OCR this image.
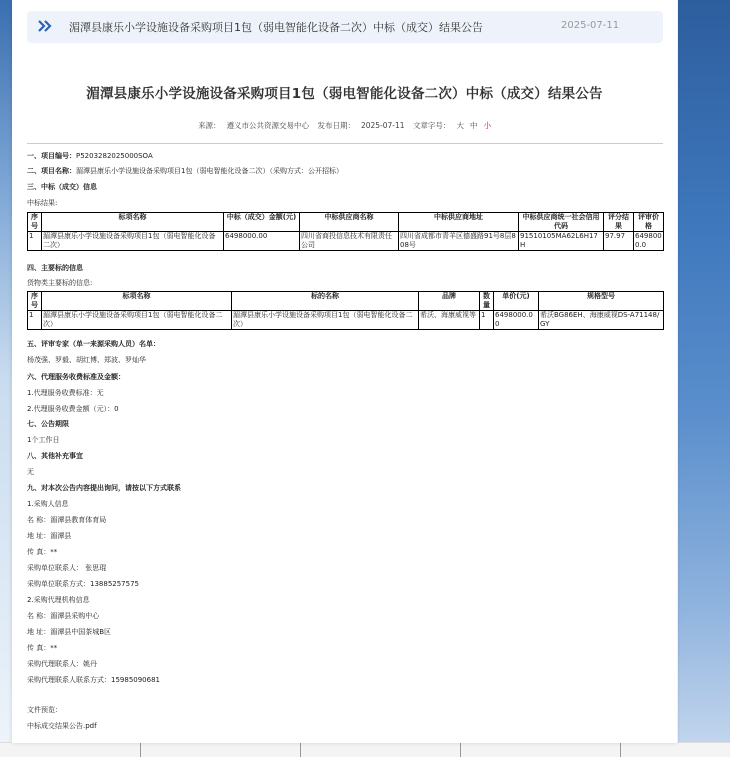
湄潭县康乐小学设施设备采购项目1包（弱电智能化设备二次）中标（成交）结果公告	2025-07-11
湄潭县康乐小学设施设备采购项目1包（弱电智能化设备二次）中标（成交）结果公告
来源： 遵义市公共资源交易中心 发布日期： 2025-07-11 文章字号： 大 中 小
一、项目编号：P5203282025000SOA
二、项目名称：湄潭县康乐小学设施设备采购项目1包（弱电智能化设备二次）（采购方式：公开招标）
三、中标（成交）信息
中标结果:
序号	标项名称	中标（成交）金额(元)	中标供应商名称	中标供应商地址	中标供应商统一社会信用代码	评分结果	评审价格
1	湄潭县康乐小学设施设备采购项目1包（弱电智能化设备二次）	6498000.00	四川省商投信息技术有限责任公司	四川省成都市青羊区德盛路91号8层808号	91510105MA62L6H17H	97.97	6498000.0
四、主要标的信息
货物类主要标的信息:
序号	标项名称	标的名称	品牌	数量	单价(元)	规格型号
1	湄潭县康乐小学设施设备采购项目1包（弱电智能化设备二次）	湄潭县康乐小学设施设备采购项目1包（弱电智能化设备二次）	希沃、海康威视等	1	6498000.00	希沃BG86EH、海康威视DS-A71148/GY
五、评审专家（单一来源采购人员）名单：
杨茂强、罗毅、胡红博、郑波、罗灿华
六、代理服务收费标准及金额：
1.代理服务收费标准：无
2.代理服务收费金额（元）：0
七、公告期限
1个工作日
八、其他补充事宜
无
九、对本次公告内容提出询问，请按以下方式联系
1.采购人信息
名 称：湄潭县教育体育局
地 址：湄潭县
传 真：**
采购单位联系人： 张思琨
采购单位联系方式：13885257575
2.采购代理机构信息
名 称：湄潭县采购中心
地 址：湄潭县中国茶城B区
传 真：**
采购代理联系人：姚丹
采购代理联系人联系方式：15985090681
文件预览：
中标成交结果公告.pdf
